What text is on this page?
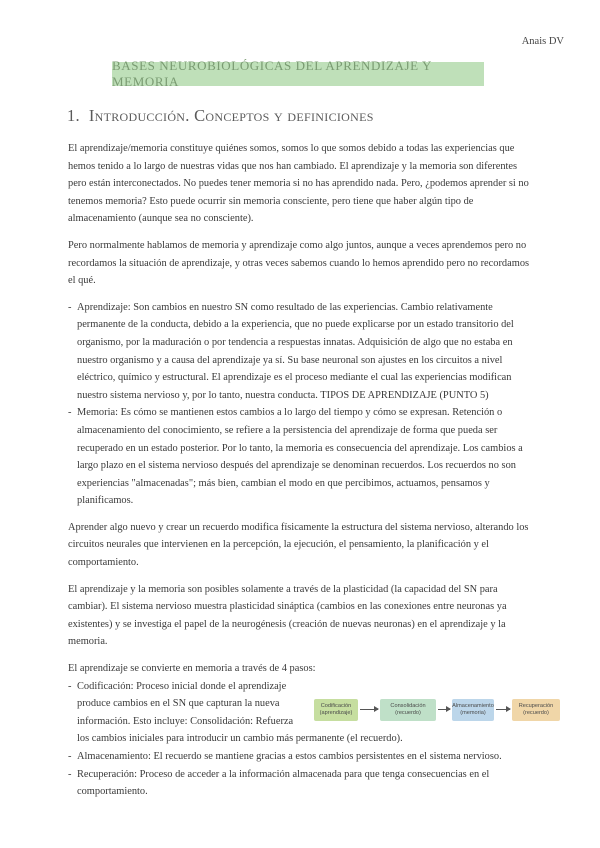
Anais DV
BASES NEUROBIOLÓGICAS DEL APRENDIZAJE Y MEMORIA
1. Introducción. Conceptos y definiciones

El aprendizaje/memoria constituye quiénes somos, somos lo que somos debido a todas las experiencias que hemos tenido a lo largo de nuestras vidas que nos han cambiado. El aprendizaje y la memoria son diferentes pero están interconectados. No puedes tener memoria si no has aprendido nada. Pero, ¿podemos aprender si no tenemos memoria? Esto puede ocurrir sin memoria consciente, pero tiene que haber algún tipo de almacenamiento (aunque sea no consciente).

Pero normalmente hablamos de memoria y aprendizaje como algo juntos, aunque a veces aprendemos pero no recordamos la situación de aprendizaje, y otras veces sabemos cuando lo hemos aprendido pero no recordamos el qué.

- Aprendizaje: Son cambios en nuestro SN como resultado de las experiencias. Cambio relativamente permanente de la conducta, debido a la experiencia, que no puede explicarse por un estado transitorio del organismo, por la maduración o por tendencia a respuestas innatas. Adquisición de algo que no estaba en nuestro organismo y a causa del aprendizaje ya sí. Su base neuronal son ajustes en los circuitos a nivel eléctrico, químico y estructural. El aprendizaje es el proceso mediante el cual las experiencias modifican nuestro sistema nervioso y, por lo tanto, nuestra conducta. TIPOS DE APRENDIZAJE (PUNTO 5)
- Memoria: Es cómo se mantienen estos cambios a lo largo del tiempo y cómo se expresan. Retención o almacenamiento del conocimiento, se refiere a la persistencia del aprendizaje de forma que pueda ser recuperado en un estado posterior. Por lo tanto, la memoria es consecuencia del aprendizaje. Los cambios a largo plazo en el sistema nervioso después del aprendizaje se denominan recuerdos. Los recuerdos no son experiencias "almacenadas"; más bien, cambian el modo en que percibimos, actuamos, pensamos y planificamos.

Aprender algo nuevo y crear un recuerdo modifica físicamente la estructura del sistema nervioso, alterando los circuitos neurales que intervienen en la percepción, la ejecución, el pensamiento, la planificación y el comportamiento.

El aprendizaje y la memoria son posibles solamente a través de la plasticidad (la capacidad del SN para cambiar). El sistema nervioso muestra plasticidad sináptica (cambios en las conexiones entre neuronas ya existentes) y se investiga el papel de la neurogénesis (creación de nuevas neuronas) en el aprendizaje y la memoria.

El aprendizaje se convierte en memoria a través de 4 pasos:

- Codificación: Proceso inicial donde el aprendizaje produce cambios en el SN que capturan la nueva información. Esto incluye: Consolidación: Refuerza
los cambios iniciales para introducir un cambio más permanente (el recuerdo).
- Almacenamiento: El recuerdo se mantiene gracias a estos cambios persistentes en el sistema nervioso.
- Recuperación: Proceso de acceder a la información almacenada para que tenga consecuencias en el comportamiento.
Codificación (aprendizaje)
Consolidación (recuerdo)
Almacenamiento (memoria)
Recuperación (recuerdo)
